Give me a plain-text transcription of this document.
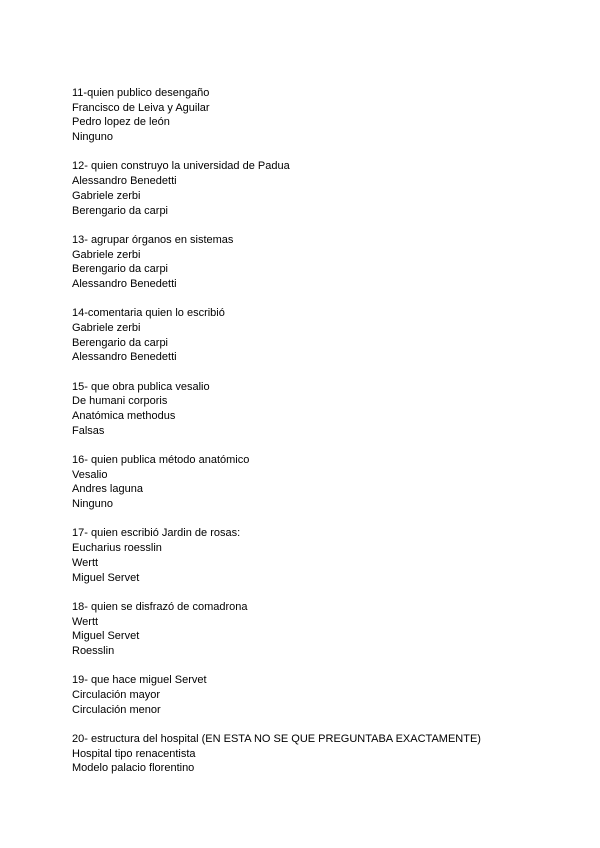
11-quien publico desengaño
Francisco de Leiva y Aguilar
Pedro lopez de león
Ninguno
12- quien construyo la universidad de Padua
Alessandro Benedetti
Gabriele zerbi
Berengario da carpi
13- agrupar órganos en sistemas
Gabriele zerbi
Berengario da carpi
Alessandro Benedetti
14-comentaria quien lo escribió
Gabriele zerbi
Berengario da carpi
Alessandro Benedetti
15- que obra publica vesalio
De humani corporis
Anatómica methodus
Falsas
16- quien publica método anatómico
Vesalio
Andres laguna
Ninguno
17- quien escribió Jardin de rosas:
Eucharius roesslin
Wertt
Miguel Servet
18- quien se disfrazó de comadrona
Wertt
Miguel Servet
Roesslin
19- que hace miguel Servet
Circulación mayor
Circulación menor
20- estructura del hospital (EN ESTA NO SE QUE PREGUNTABA EXACTAMENTE)
Hospital tipo renacentista
Modelo palacio florentino
